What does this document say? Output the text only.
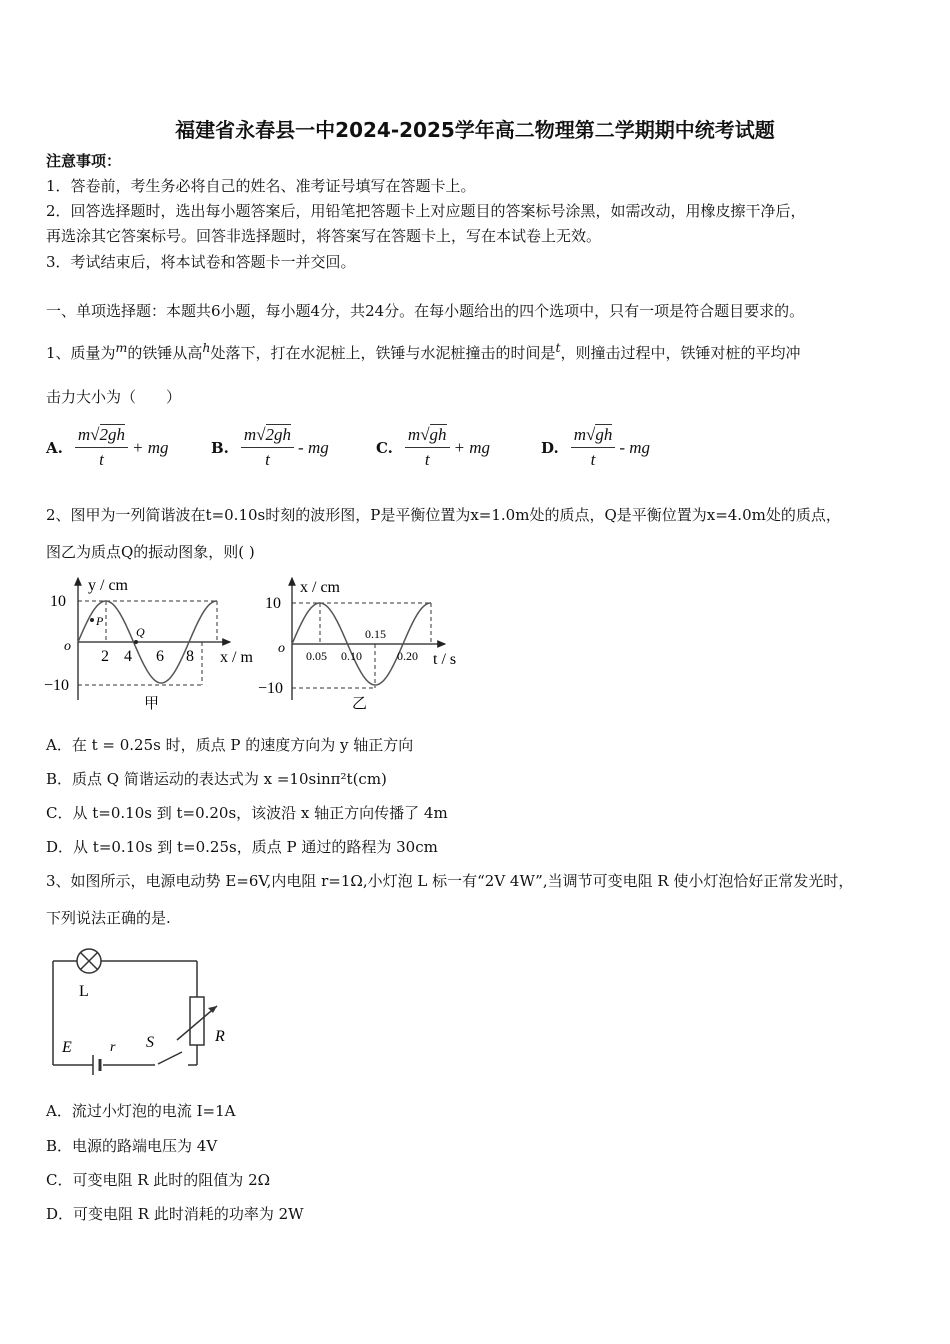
福建省永春县一中2024-2025学年高二物理第二学期期中统考试题
注意事项：
1．答卷前，考生务必将自己的姓名、准考证号填写在答题卡上。
2．回答选择题时，选出每小题答案后，用铅笔把答题卡上对应题目的答案标号涂黑，如需改动，用橡皮擦干净后，
再选涂其它答案标号。回答非选择题时，将答案写在答题卡上，写在本试卷上无效。
3．考试结束后，将本试卷和答题卡一并交回。
一、单项选择题：本题共6小题，每小题4分，共24分。在每小题给出的四个选项中，只有一项是符合题目要求的。
1、质量为$^m$的铁锤从高$^h$处落下，打在水泥桩上，铁锤与水泥桩撞击的时间是$^t$，则撞击过程中，铁锤对桩的平均冲
击力大小为（　　）
A. $\frac{m√2gh}{t}$ + mg	B. $\frac{m√2gh}{t}$ - mg	C. $\frac{m√gh}{t}$ + mg	D. $\frac{m√gh}{t}$ - mg
2、图甲为一列简谐波在t=0.10s时刻的波形图，P是平衡位置为x=1.0m处的质点，Q是平衡位置为x=4.0m处的质点，
图乙为质点Q的振动图象，则( )
P
Q
y / cm
x / m
10
−10
o
2 4 6 8
甲
x / cm
t / s
10
−10
o 0.05 0.10
0.15
0.20
乙
A．在 t = 0.25s 时，质点 P 的速度方向为 y 轴正方向
B．质点 Q 简谐运动的表达式为 x =10sinπ²t(cm)
C．从 t=0.10s 到 t=0.20s，该波沿 x 轴正方向传播了 4m
D．从 t=0.10s 到 t=0.25s，质点 P 通过的路程为 30cm
3、如图所示，电源电动势 E=6V,内电阻 r=1Ω,小灯泡 L 标一有“2V 4W”,当调节可变电阻 R 使小灯泡恰好正常发光时，
下列说法正确的是.
L
R
E	r S
A．流过小灯泡的电流 I=1A
B．电源的路端电压为 4V
C．可变电阻 R 此时的阻值为 2Ω
D．可变电阻 R 此时消耗的功率为 2W
